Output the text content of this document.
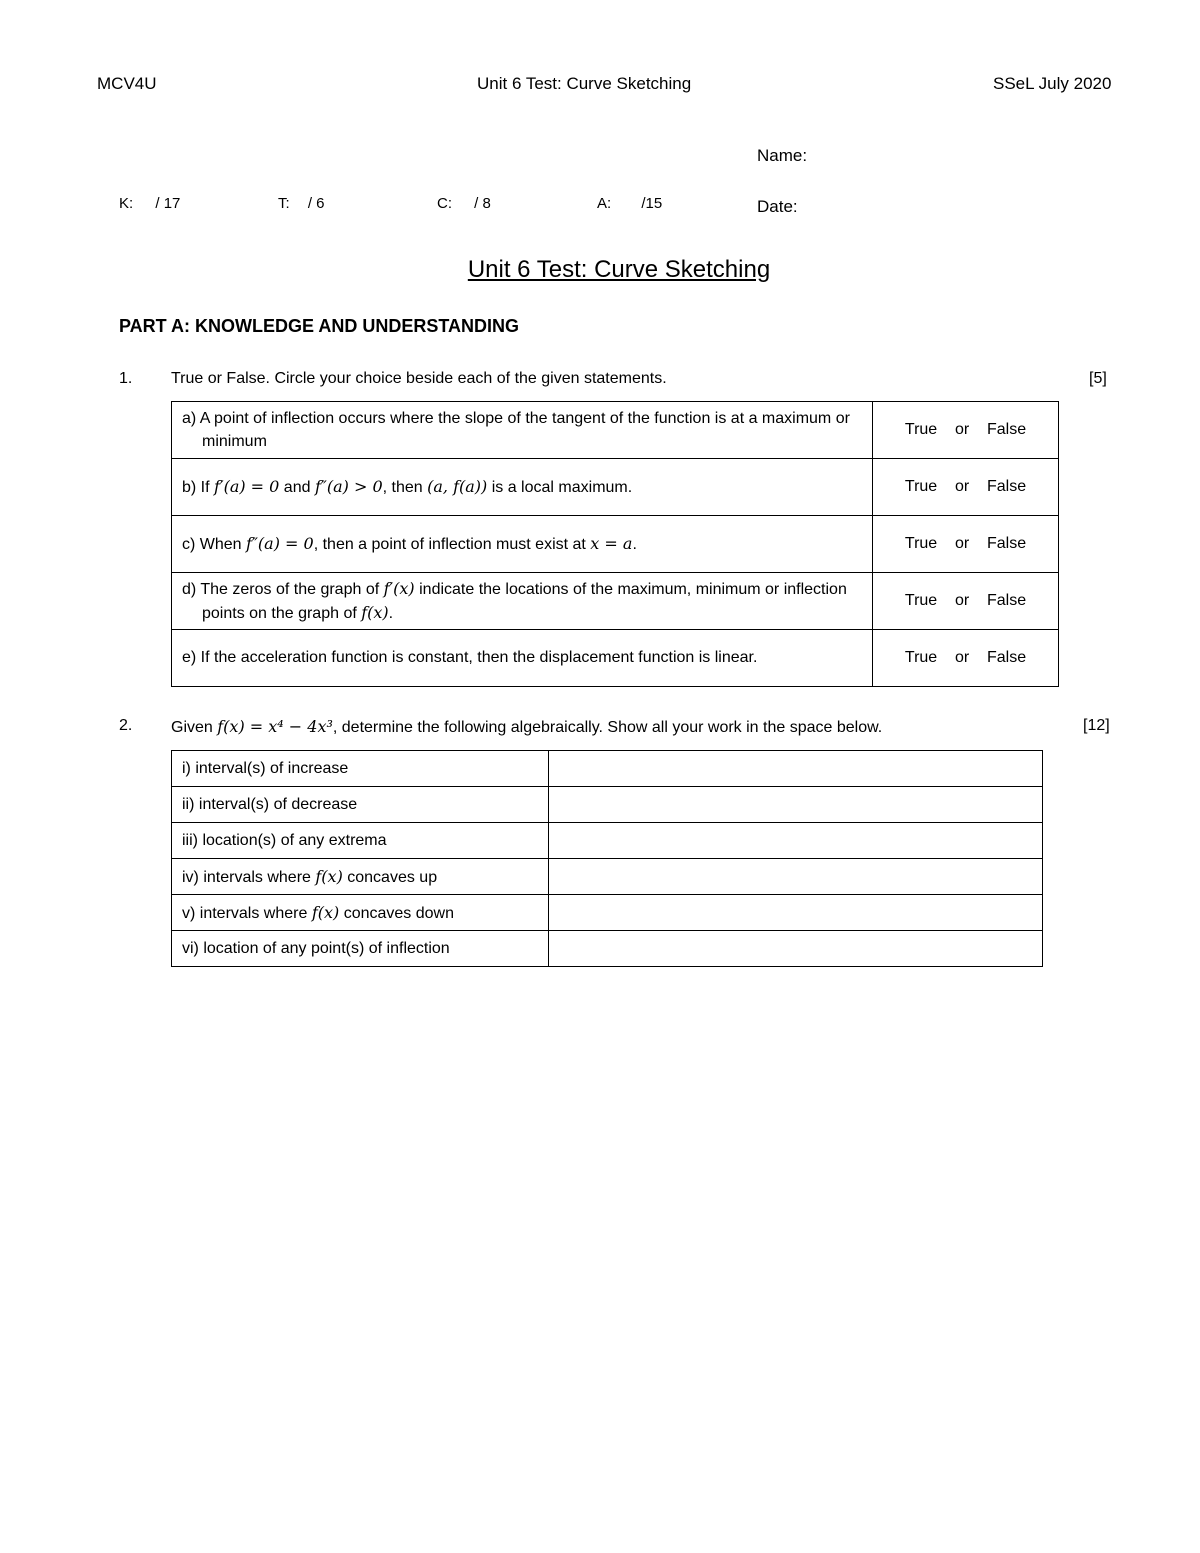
MCV4U	Unit 6 Test: Curve Sketching	SSeL July 2020
Name:
Date:
K: / 17	T: / 6	C: / 8	A: /15
Unit 6 Test: Curve Sketching
PART A: KNOWLEDGE AND UNDERSTANDING
1. True or False. Circle your choice beside each of the given statements.	[5]
a) A point of inflection occurs where the slope of the tangent of the function is at a maximum or minimum	True    or    False
b) If f′(a) = 0 and f″(a) > 0, then (a, f(a)) is a local maximum.	True    or    False
c) When f″(a) = 0, then a point of inflection must exist at x = a.	True    or    False

d) The zeros of the graph of f′(x) indicate the locations of the maximum, minimum or inflection points on the graph of f(x).	True    or    False
e) If the acceleration function is constant, then the displacement function is linear.	True    or    False
2. Given f(x) = x⁴ − 4x³, determine the following algebraically. Show all your work in the space below.	[12]
i) interval(s) of increase	
ii) interval(s) of decrease	
iii) location(s) of any extrema	
iv) intervals where f(x) concaves up	
v) intervals where f(x) concaves down	
vi) location of any point(s) of inflection	
